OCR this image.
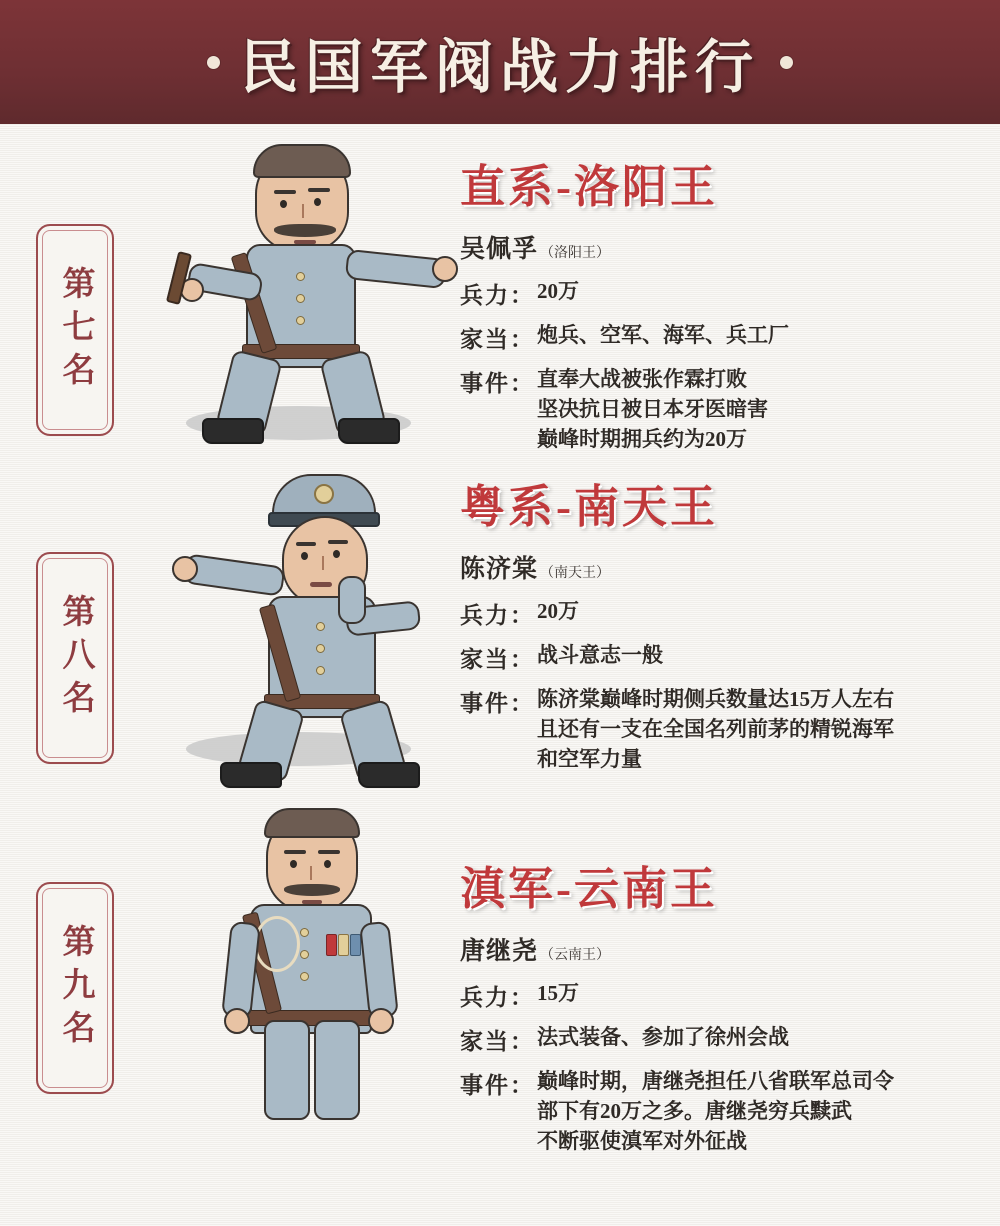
民国军阀战力排行
第七名
直系-洛阳王
吴佩孚 （洛阳王）
兵力 ： 20万
家当 ： 炮兵、空军、海军、兵工厂
事件 ： 直奉大战被张作霖打败
坚决抗日被日本牙医暗害
巅峰时期拥兵约为20万
第八名
粤系-南天王
陈济棠 （南天王）
兵力 ： 20万
家当 ： 战斗意志一般
事件 ： 陈济棠巅峰时期侧兵数量达15万人左右
且还有一支在全国名列前茅的精锐海军
和空军力量
第九名
滇军-云南王
唐继尧 （云南王）
兵力 ： 15万
家当 ： 法式装备、参加了徐州会战
事件 ： 巅峰时期，唐继尧担任八省联军总司令
部下有20万之多。唐继尧穷兵黩武
不断驱使滇军对外征战
